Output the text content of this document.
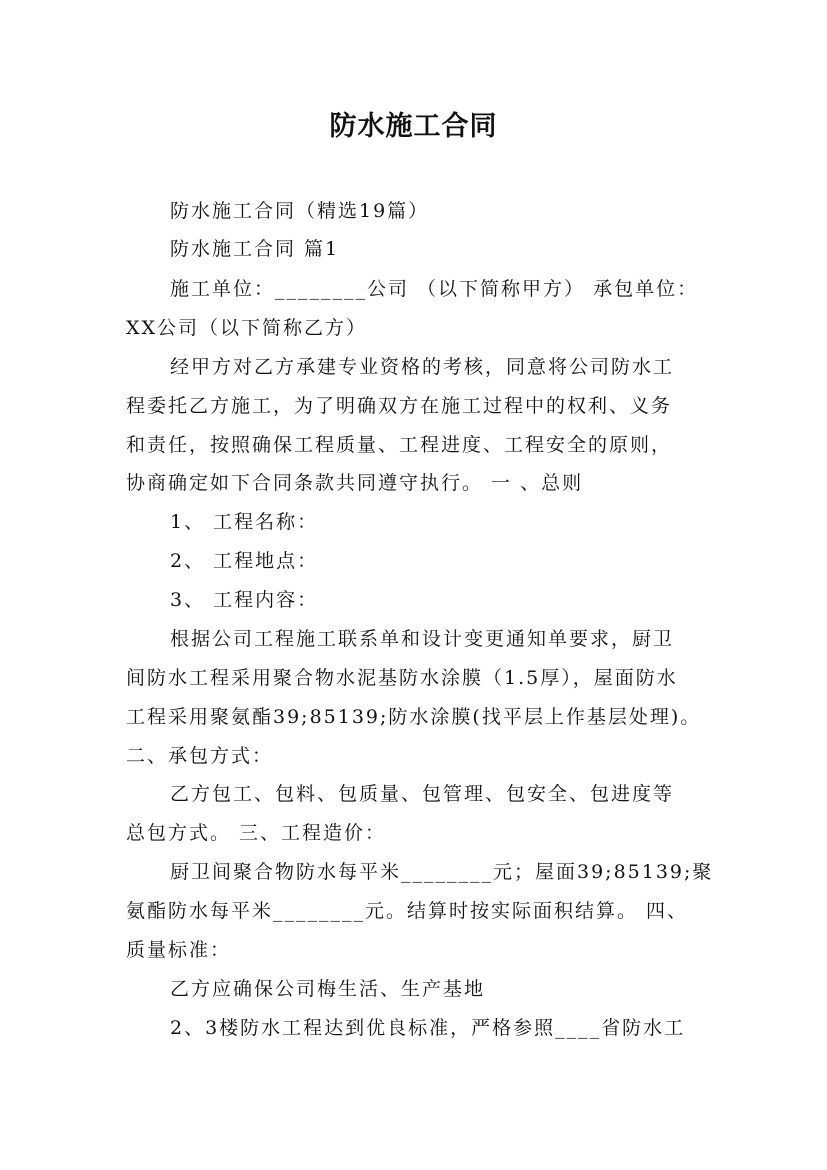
防水施工合同
防水施工合同（精选19篇）
防水施工合同 篇1
施工单位：________公司 （以下简称甲方） 承包单位：
XX公司（以下简称乙方）
经甲方对乙方承建专业资格的考核，同意将公司防水工
程委托乙方施工，为了明确双方在施工过程中的权利、义务
和责任，按照确保工程质量、工程进度、工程安全的原则，
协商确定如下合同条款共同遵守执行。 一 、总则
1、 工程名称：
2、 工程地点：
3、 工程内容：
根据公司工程施工联系单和设计变更通知单要求，厨卫
间防水工程采用聚合物水泥基防水涂膜（1.5厚），屋面防水
工程采用聚氨酯39;85139;防水涂膜(找平层上作基层处理)。
二、承包方式：
乙方包工、包料、包质量、包管理、包安全、包进度等
总包方式。 三、工程造价：
厨卫间聚合物防水每平米________元；屋面39;85139;聚
氨酯防水每平米________元。结算时按实际面积结算。 四、
质量标准：
乙方应确保公司梅生活、生产基地
2、3楼防水工程达到优良标准，严格参照____省防水工
